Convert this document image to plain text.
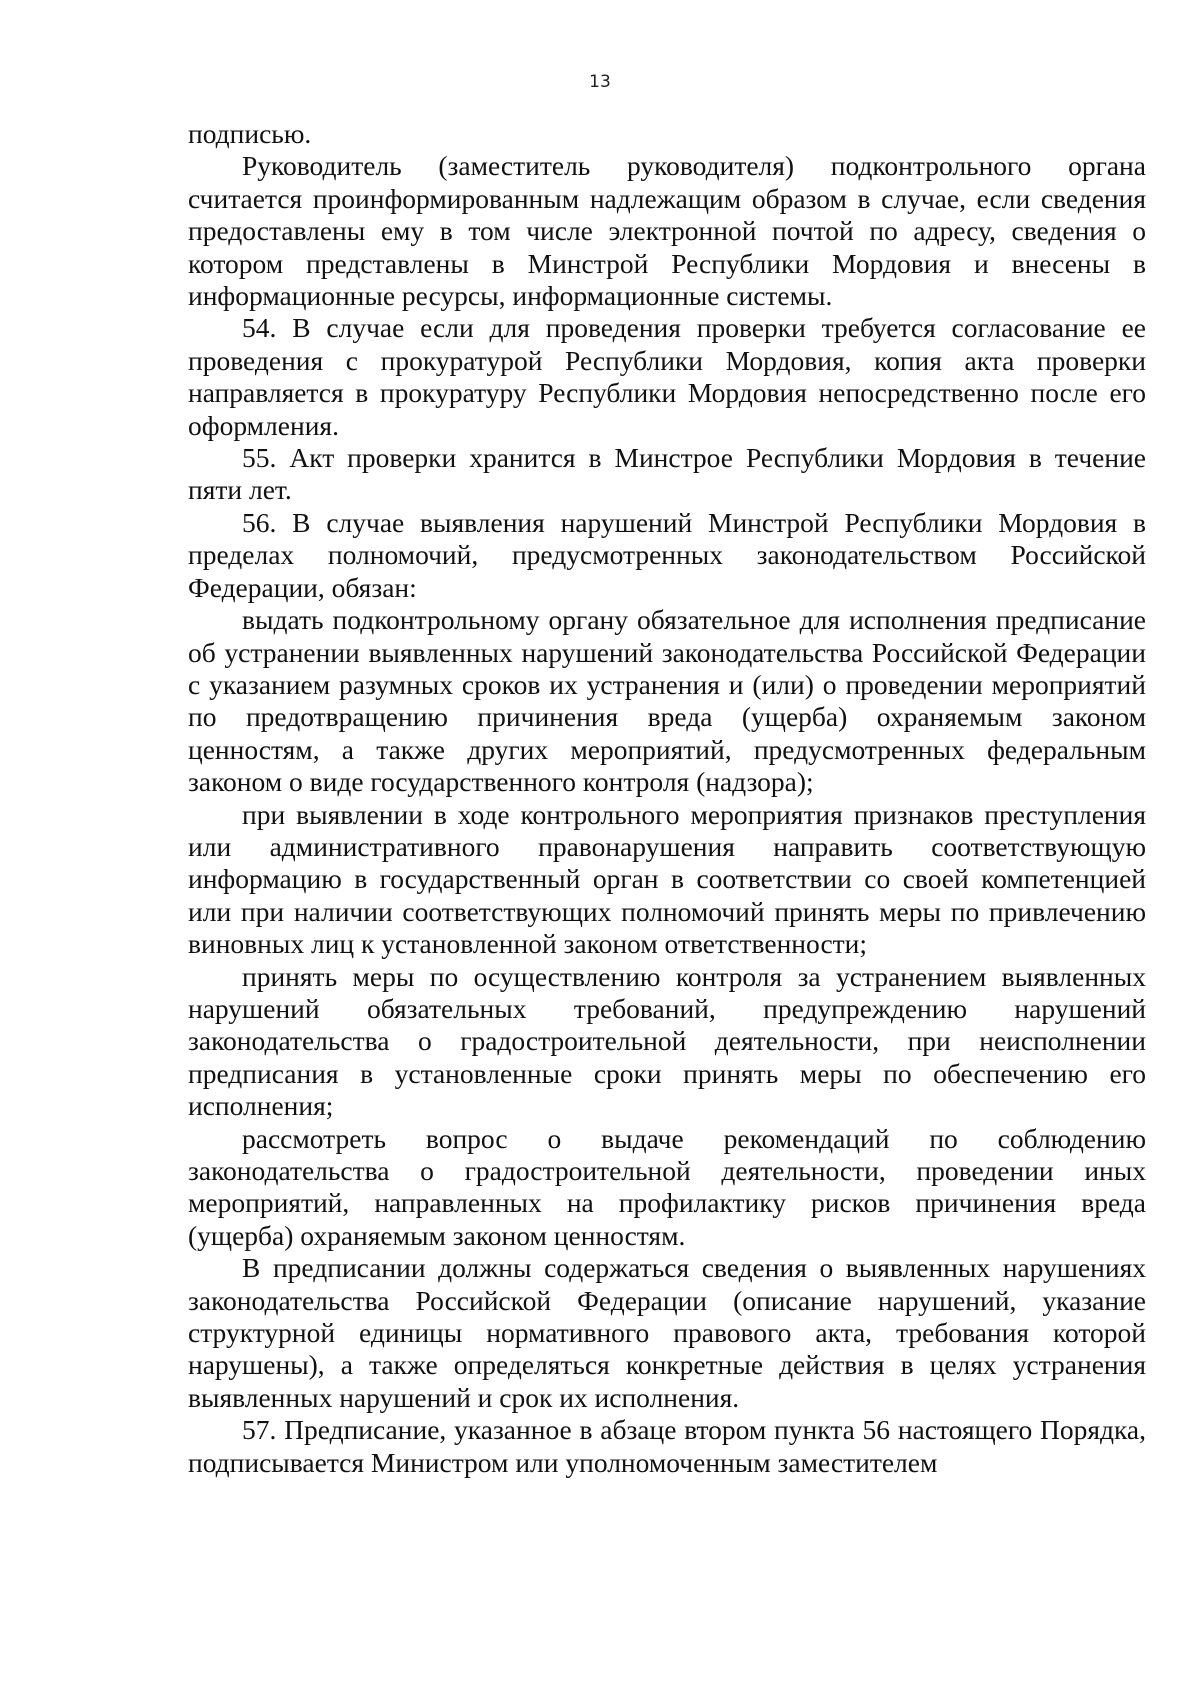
13

подписью.

Руководитель (заместитель руководителя) подконтрольного органа считается проинформированным надлежащим образом в случае, если сведения предоставлены ему в том числе электронной почтой по адресу, сведения о котором представлены в Минстрой Республики Мордовия и внесены в информационные ресурсы, информационные системы.

54. В случае если для проведения проверки требуется согласование ее проведения с прокуратурой Республики Мордовия, копия акта проверки направляется в прокуратуру Республики Мордовия непосредственно после его оформления.

55. Акт проверки хранится в Минстрое Республики Мордовия в течение пяти лет.

56. В случае выявления нарушений Минстрой Республики Мордовия в пределах полномочий, предусмотренных законодательством Российской Федерации, обязан:

выдать подконтрольному органу обязательное для исполнения предписание об устранении выявленных нарушений законодательства Российской Федерации с указанием разумных сроков их устранения и (или) о проведении мероприятий по предотвращению причинения вреда (ущерба) охраняемым законом ценностям, а также других мероприятий, предусмотренных федеральным законом о виде государственного контроля (надзора);

при выявлении в ходе контрольного мероприятия признаков преступления или административного правонарушения направить соответствующую информацию в государственный орган в соответствии со своей компетенцией или при наличии соответствующих полномочий принять меры по привлечению виновных лиц к установленной законом ответственности;

принять меры по осуществлению контроля за устранением выявленных нарушений обязательных требований, предупреждению нарушений законодательства о градостроительной деятельности, при неисполнении предписания в установленные сроки принять меры по обеспечению его исполнения;

рассмотреть вопрос о выдаче рекомендаций по соблюдению законодательства о градостроительной деятельности, проведении иных мероприятий, направленных на профилактику рисков причинения вреда (ущерба) охраняемым законом ценностям.

В предписании должны содержаться сведения о выявленных нарушениях законодательства Российской Федерации (описание нарушений, указание структурной единицы нормативного правового акта, требования которой нарушены), а также определяться конкретные действия в целях устранения выявленных нарушений и срок их исполнения.

57. Предписание, указанное в абзаце втором пункта 56 настоящего Порядка, подписывается Министром или уполномоченным заместителем
